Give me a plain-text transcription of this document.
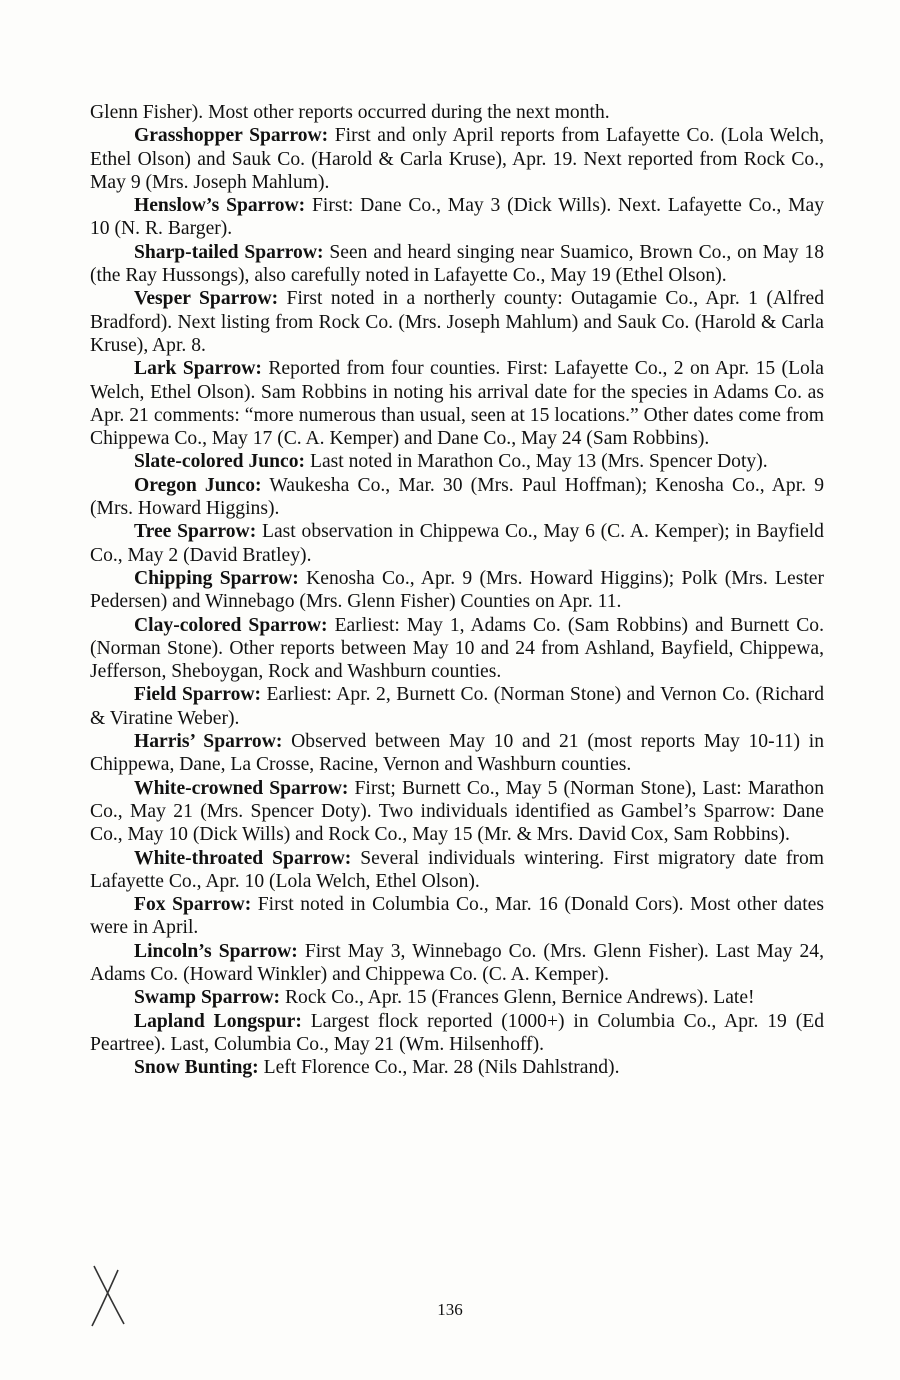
Glenn Fisher). Most other reports occurred during the next month.

Grasshopper Sparrow: First and only April reports from Lafayette Co. (Lola Welch, Ethel Olson) and Sauk Co. (Harold & Carla Kruse), Apr. 19. Next reported from Rock Co., May 9 (Mrs. Joseph Mahlum).

Henslow’s Sparrow: First: Dane Co., May 3 (Dick Wills). Next. Lafayette Co., May 10 (N. R. Barger).

Sharp-tailed Sparrow: Seen and heard singing near Suamico, Brown Co., on May 18 (the Ray Hussongs), also carefully noted in Lafayette Co., May 19 (Ethel Olson).

Vesper Sparrow: First noted in a northerly county: Outagamie Co., Apr. 1 (Alfred Bradford). Next listing from Rock Co. (Mrs. Joseph Mahlum) and Sauk Co. (Harold & Carla Kruse), Apr. 8.

Lark Sparrow: Reported from four counties. First: Lafayette Co., 2 on Apr. 15 (Lola Welch, Ethel Olson). Sam Robbins in noting his arrival date for the species in Adams Co. as Apr. 21 comments: “more numerous than usual, seen at 15 locations.” Other dates come from Chippewa Co., May 17 (C. A. Kemper) and Dane Co., May 24 (Sam Robbins).

Slate-colored Junco: Last noted in Marathon Co., May 13 (Mrs. Spencer Doty).

Oregon Junco: Waukesha Co., Mar. 30 (Mrs. Paul Hoffman); Kenosha Co., Apr. 9 (Mrs. Howard Higgins).

Tree Sparrow: Last observation in Chippewa Co., May 6 (C. A. Kemper); in Bayfield Co., May 2 (David Bratley).

Chipping Sparrow: Kenosha Co., Apr. 9 (Mrs. Howard Higgins); Polk (Mrs. Lester Pedersen) and Winnebago (Mrs. Glenn Fisher) Counties on Apr. 11.

Clay-colored Sparrow: Earliest: May 1, Adams Co. (Sam Robbins) and Burnett Co. (Norman Stone). Other reports between May 10 and 24 from Ashland, Bayfield, Chippewa, Jefferson, Sheboygan, Rock and Washburn counties.

Field Sparrow: Earliest: Apr. 2, Burnett Co. (Norman Stone) and Vernon Co. (Richard & Viratine Weber).

Harris’ Sparrow: Observed between May 10 and 21 (most reports May 10-11) in Chippewa, Dane, La Crosse, Racine, Vernon and Washburn counties.

White-crowned Sparrow: First; Burnett Co., May 5 (Norman Stone), Last: Marathon Co., May 21 (Mrs. Spencer Doty). Two individuals identified as Gambel’s Sparrow: Dane Co., May 10 (Dick Wills) and Rock Co., May 15 (Mr. & Mrs. David Cox, Sam Robbins).

White-throated Sparrow: Several individuals wintering. First migratory date from Lafayette Co., Apr. 10 (Lola Welch, Ethel Olson).

Fox Sparrow: First noted in Columbia Co., Mar. 16 (Donald Cors). Most other dates were in April.

Lincoln’s Sparrow: First May 3, Winnebago Co. (Mrs. Glenn Fisher). Last May 24, Adams Co. (Howard Winkler) and Chippewa Co. (C. A. Kemper).

Swamp Sparrow: Rock Co., Apr. 15 (Frances Glenn, Bernice Andrews). Late!

Lapland Longspur: Largest flock reported (1000+) in Columbia Co., Apr. 19 (Ed Peartree). Last, Columbia Co., May 21 (Wm. Hilsenhoff).

Snow Bunting: Left Florence Co., Mar. 28 (Nils Dahlstrand).

136
